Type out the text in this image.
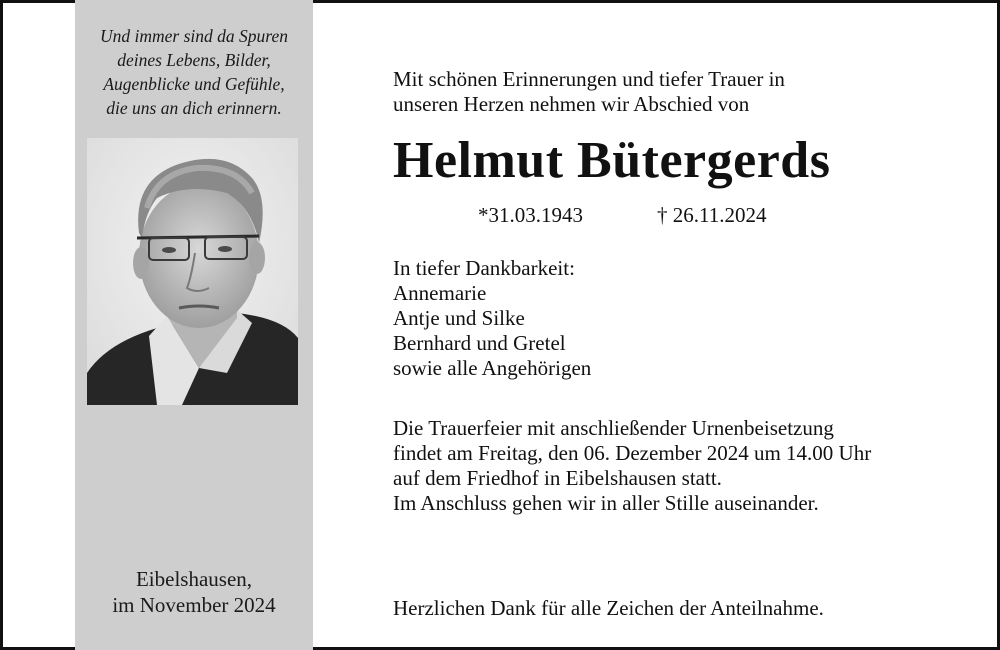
Und immer sind da Spuren
deines Lebens, Bilder,
Augenblicke und Gefühle,
die uns an dich erinnern.
Eibelshausen,
im November 2024
Mit schönen Erinnerungen und tiefer Trauer in
unseren Herzen nehmen wir Abschied von
Helmut Bütergerds
*31.03.1943	† 26.11.2024
In tiefer Dankbarkeit:
Annemarie
Antje und Silke
Bernhard und Gretel
sowie alle Angehörigen
Die Trauerfeier mit anschließender Urnenbeisetzung
findet am Freitag, den 06. Dezember 2024 um 14.00 Uhr
auf dem Friedhof in Eibelshausen statt.
Im Anschluss gehen wir in aller Stille auseinander.
Herzlichen Dank für alle Zeichen der Anteilnahme.
